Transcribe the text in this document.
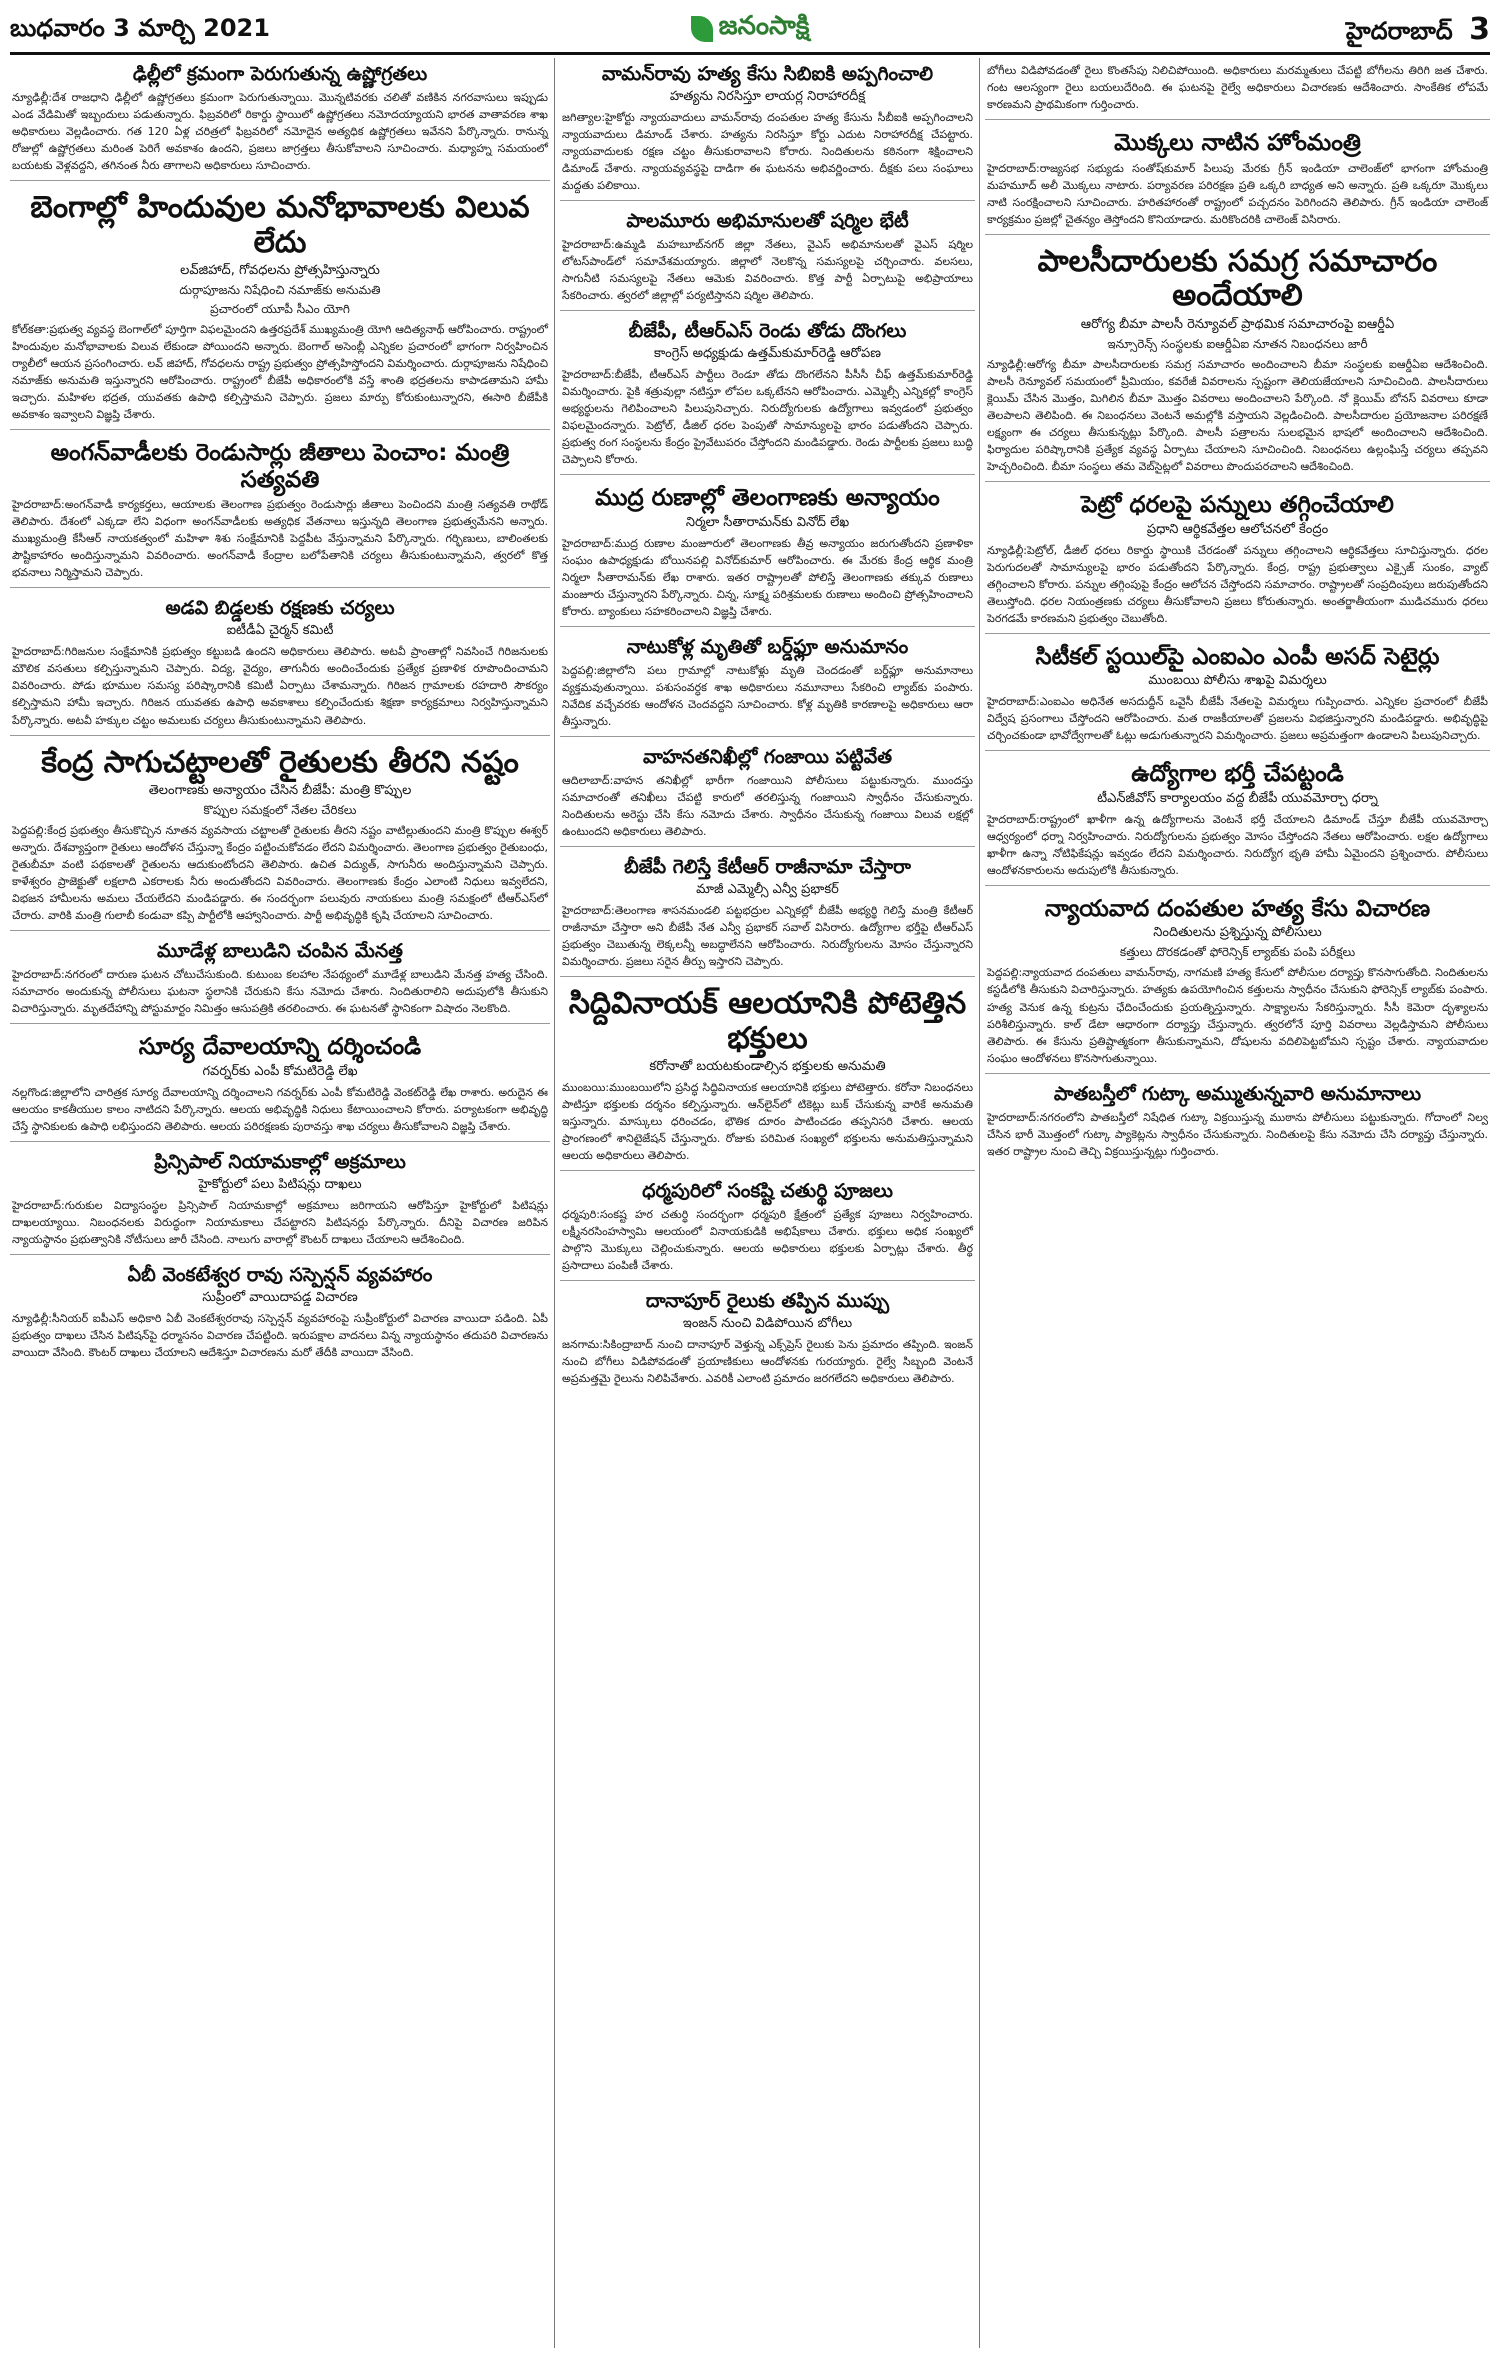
బుధవారం 3 మార్చి 2021	జనంసాక్షి	హైదరాబాద్ 3
ఢిల్లీలో క్రమంగా పెరుగుతున్న ఉష్ణోగ్రతలు
న్యూఢిల్లీ:దేశ రాజధాని ఢిల్లీలో ఉష్ణోగ్రతలు క్రమంగా పెరుగుతున్నాయి. మొన్నటివరకు చలితో వణికిన నగరవాసులు ఇప్పుడు ఎండ వేడిమితో ఇబ్బందులు పడుతున్నారు. ఫిబ్రవరిలో రికార్డు స్థాయిలో ఉష్ణోగ్రతలు నమోదయ్యాయని భారత వాతావరణ శాఖ అధికారులు వెల్లడించారు. గత 120 ఏళ్ల చరిత్రలో ఫిబ్రవరిలో నమోదైన అత్యధిక ఉష్ణోగ్రతలు ఇవేనని పేర్కొన్నారు. రానున్న రోజుల్లో ఉష్ణోగ్రతలు మరింత పెరిగే అవకాశం ఉందని, ప్రజలు జాగ్రత్తలు తీసుకోవాలని సూచించారు. మధ్యాహ్న సమయంలో బయటకు వెళ్లవద్దని, తగినంత నీరు తాగాలని అధికారులు సూచించారు.
బెంగాల్లో హిందువుల మనోభావాలకు విలువ లేదు
లవ్‌జిహాద్, గోవధలను ప్రోత్సహిస్తున్నారు
దుర్గాపూజను నిషేధించి నమాజ్‌కు అనుమతి
ప్రచారంలో యూపీ సీఎం యోగి
కోల్‌కతా:ప్రభుత్వ వ్యవస్థ బెంగాల్‌లో పూర్తిగా విఫలమైందని ఉత్తరప్రదేశ్ ముఖ్యమంత్రి యోగి ఆదిత్యనాథ్ ఆరోపించారు. రాష్ట్రంలో హిందువుల మనోభావాలకు విలువ లేకుండా పోయిందని అన్నారు. బెంగాల్ అసెంబ్లీ ఎన్నికల ప్రచారంలో భాగంగా నిర్వహించిన ర్యాలీలో ఆయన ప్రసంగించారు. లవ్ జిహాద్, గోవధలను రాష్ట్ర ప్రభుత్వం ప్రోత్సహిస్తోందని విమర్శించారు. దుర్గాపూజను నిషేధించి నమాజ్‌కు అనుమతి ఇస్తున్నారని ఆరోపించారు. రాష్ట్రంలో బీజేపీ అధికారంలోకి వస్తే శాంతి భద్రతలను కాపాడతామని హామీ ఇచ్చారు. మహిళల భద్రత, యువతకు ఉపాధి కల్పిస్తామని చెప్పారు. ప్రజలు మార్పు కోరుకుంటున్నారని, ఈసారి బీజేపీకి అవకాశం ఇవ్వాలని విజ్ఞప్తి చేశారు.
అంగన్‌వాడీలకు రెండుసార్లు జీతాలు పెంచాం: మంత్రి సత్యవతి
హైదరాబాద్:అంగన్‌వాడీ కార్యకర్తలు, ఆయాలకు తెలంగాణ ప్రభుత్వం రెండుసార్లు జీతాలు పెంచిందని మంత్రి సత్యవతి రాథోడ్ తెలిపారు. దేశంలో ఎక్కడా లేని విధంగా అంగన్‌వాడీలకు అత్యధిక వేతనాలు ఇస్తున్నది తెలంగాణ ప్రభుత్వమేనని అన్నారు. ముఖ్యమంత్రి కేసీఆర్ నాయకత్వంలో మహిళా శిశు సంక్షేమానికి పెద్దపీట వేస్తున్నామని పేర్కొన్నారు. గర్భిణులు, బాలింతలకు పౌష్టికాహారం అందిస్తున్నామని వివరించారు. అంగన్‌వాడీ కేంద్రాల బలోపేతానికి చర్యలు తీసుకుంటున్నామని, త్వరలో కొత్త భవనాలు నిర్మిస్తామని చెప్పారు.
అడవి బిడ్డలకు రక్షణకు చర్యలు
ఐటీడీఏ చైర్మన్ కమిటీ
హైదరాబాద్:గిరిజనుల సంక్షేమానికి ప్రభుత్వం కట్టుబడి ఉందని అధికారులు తెలిపారు. అటవీ ప్రాంతాల్లో నివసించే గిరిజనులకు మౌలిక వసతులు కల్పిస్తున్నామని చెప్పారు. విద్య, వైద్యం, తాగునీరు అందించేందుకు ప్రత్యేక ప్రణాళిక రూపొందించామని వివరించారు. పోడు భూముల సమస్య పరిష్కారానికి కమిటీ ఏర్పాటు చేశామన్నారు. గిరిజన గ్రామాలకు రహదారి సౌకర్యం కల్పిస్తామని హామీ ఇచ్చారు. గిరిజన యువతకు ఉపాధి అవకాశాలు కల్పించేందుకు శిక్షణా కార్యక్రమాలు నిర్వహిస్తున్నామని పేర్కొన్నారు. అటవీ హక్కుల చట్టం అమలుకు చర్యలు తీసుకుంటున్నామని తెలిపారు.
కేంద్ర సాగుచట్టాలతో రైతులకు తీరని నష్టం
తెలంగాణకు అన్యాయం చేసిన బీజేపీ: మంత్రి కొప్పుల
కొప్పుల సమక్షంలో నేతల చేరికలు
పెద్దపల్లి:కేంద్ర ప్రభుత్వం తీసుకొచ్చిన నూతన వ్యవసాయ చట్టాలతో రైతులకు తీరని నష్టం వాటిల్లుతుందని మంత్రి కొప్పుల ఈశ్వర్ అన్నారు. దేశవ్యాప్తంగా రైతులు ఆందోళన చేస్తున్నా కేంద్రం పట్టించుకోవడం లేదని విమర్శించారు. తెలంగాణ ప్రభుత్వం రైతుబంధు, రైతుబీమా వంటి పథకాలతో రైతులను ఆదుకుంటోందని తెలిపారు. ఉచిత విద్యుత్, సాగునీరు అందిస్తున్నామని చెప్పారు. కాళేశ్వరం ప్రాజెక్టుతో లక్షలాది ఎకరాలకు నీరు అందుతోందని వివరించారు. తెలంగాణకు కేంద్రం ఎలాంటి నిధులు ఇవ్వలేదని, విభజన హామీలను అమలు చేయలేదని మండిపడ్డారు. ఈ సందర్భంగా పలువురు నాయకులు మంత్రి సమక్షంలో టీఆర్ఎస్‌లో చేరారు. వారికి మంత్రి గులాబీ కండువా కప్పి పార్టీలోకి ఆహ్వానించారు. పార్టీ అభివృద్ధికి కృషి చేయాలని సూచించారు.
మూడేళ్ల బాలుడిని చంపిన మేనత్త
హైదరాబాద్:నగరంలో దారుణ ఘటన చోటుచేసుకుంది. కుటుంబ కలహాల నేపథ్యంలో మూడేళ్ల బాలుడిని మేనత్త హత్య చేసింది. సమాచారం అందుకున్న పోలీసులు ఘటనా స్థలానికి చేరుకుని కేసు నమోదు చేశారు. నిందితురాలిని అదుపులోకి తీసుకుని విచారిస్తున్నారు. మృతదేహాన్ని పోస్టుమార్టం నిమిత్తం ఆసుపత్రికి తరలించారు. ఈ ఘటనతో స్థానికంగా విషాదం నెలకొంది.
సూర్య దేవాలయాన్ని దర్శించండి
గవర్నర్‌కు ఎంపీ కోమటిరెడ్డి లేఖ
నల్లగొండ:జిల్లాలోని చారిత్రక సూర్య దేవాలయాన్ని దర్శించాలని గవర్నర్‌కు ఎంపీ కోమటిరెడ్డి వెంకట్‌రెడ్డి లేఖ రాశారు. అరుదైన ఈ ఆలయం కాకతీయుల కాలం నాటిదని పేర్కొన్నారు. ఆలయ అభివృద్ధికి నిధులు కేటాయించాలని కోరారు. పర్యాటకంగా అభివృద్ధి చేస్తే స్థానికులకు ఉపాధి లభిస్తుందని తెలిపారు. ఆలయ పరిరక్షణకు పురావస్తు శాఖ చర్యలు తీసుకోవాలని విజ్ఞప్తి చేశారు.
ప్రిన్సిపాల్ నియామకాల్లో అక్రమాలు
హైకోర్టులో పలు పిటిషన్లు దాఖలు
హైదరాబాద్:గురుకుల విద్యాసంస్థల ప్రిన్సిపాల్ నియామకాల్లో అక్రమాలు జరిగాయని ఆరోపిస్తూ హైకోర్టులో పిటిషన్లు దాఖలయ్యాయి. నిబంధనలకు విరుద్ధంగా నియామకాలు చేపట్టారని పిటిషనర్లు పేర్కొన్నారు. దీనిపై విచారణ జరిపిన న్యాయస్థానం ప్రభుత్వానికి నోటీసులు జారీ చేసింది. నాలుగు వారాల్లో కౌంటర్ దాఖలు చేయాలని ఆదేశించింది.
ఏబీ వెంకటేశ్వర రావు సస్పెన్షన్ వ్యవహారం
సుప్రీంలో వాయిదాపడ్డ విచారణ
న్యూఢిల్లీ:సీనియర్ ఐపీఎస్ అధికారి ఏబీ వెంకటేశ్వరరావు సస్పెన్షన్ వ్యవహారంపై సుప్రీంకోర్టులో విచారణ వాయిదా పడింది. ఏపీ ప్రభుత్వం దాఖలు చేసిన పిటిషన్‌పై ధర్మాసనం విచారణ చేపట్టింది. ఇరుపక్షాల వాదనలు విన్న న్యాయస్థానం తదుపరి విచారణను వాయిదా వేసింది. కౌంటర్ దాఖలు చేయాలని ఆదేశిస్తూ విచారణను మరో తేదీకి వాయిదా వేసింది.
వామన్‌రావు హత్య కేసు సిబిఐకి అప్పగించాలి
హత్యను నిరసిస్తూ లాయర్ల నిరాహారదీక్ష
జగిత్యాల:హైకోర్టు న్యాయవాదులు వామన్‌రావు దంపతుల హత్య కేసును సీబీఐకి అప్పగించాలని న్యాయవాదులు డిమాండ్ చేశారు. హత్యను నిరసిస్తూ కోర్టు ఎదుట నిరాహారదీక్ష చేపట్టారు. న్యాయవాదులకు రక్షణ చట్టం తీసుకురావాలని కోరారు. నిందితులను కఠినంగా శిక్షించాలని డిమాండ్ చేశారు. న్యాయవ్యవస్థపై దాడిగా ఈ ఘటనను అభివర్ణించారు. దీక్షకు పలు సంఘాలు మద్దతు పలికాయి.
పాలమూరు అభిమానులతో షర్మిల భేటీ
హైదరాబాద్:ఉమ్మడి మహబూబ్‌నగర్ జిల్లా నేతలు, వైఎస్ అభిమానులతో వైఎస్ షర్మిల లోటస్‌పాండ్‌లో సమావేశమయ్యారు. జిల్లాలో నెలకొన్న సమస్యలపై చర్చించారు. వలసలు, సాగునీటి సమస్యలపై నేతలు ఆమెకు వివరించారు. కొత్త పార్టీ ఏర్పాటుపై అభిప్రాయాలు సేకరించారు. త్వరలో జిల్లాల్లో పర్యటిస్తానని షర్మిల తెలిపారు.
బీజేపీ, టీఆర్ఎస్ రెండు తోడు దొంగలు
కాంగ్రెస్ అధ్యక్షుడు ఉత్తమ్‌కుమార్‌రెడ్డి ఆరోపణ
హైదరాబాద్:బీజేపీ, టీఆర్ఎస్ పార్టీలు రెండూ తోడు దొంగలేనని పీసీసీ చీఫ్ ఉత్తమ్‌కుమార్‌రెడ్డి విమర్శించారు. పైకి శత్రువుల్లా నటిస్తూ లోపల ఒక్కటేనని ఆరోపించారు. ఎమ్మెల్సీ ఎన్నికల్లో కాంగ్రెస్ అభ్యర్థులను గెలిపించాలని పిలుపునిచ్చారు. నిరుద్యోగులకు ఉద్యోగాలు ఇవ్వడంలో ప్రభుత్వం విఫలమైందన్నారు. పెట్రోల్, డీజిల్ ధరల పెంపుతో సామాన్యులపై భారం పడుతోందని చెప్పారు. ప్రభుత్వ రంగ సంస్థలను కేంద్రం ప్రైవేటుపరం చేస్తోందని మండిపడ్డారు. రెండు పార్టీలకు ప్రజలు బుద్ధి చెప్పాలని కోరారు.
ముద్ర రుణాల్లో తెలంగాణకు అన్యాయం
నిర్మలా సీతారామన్‌కు వినోద్ లేఖ
హైదరాబాద్:ముద్ర రుణాల మంజూరులో తెలంగాణకు తీవ్ర అన్యాయం జరుగుతోందని ప్రణాళికా సంఘం ఉపాధ్యక్షుడు బోయినపల్లి వినోద్‌కుమార్ ఆరోపించారు. ఈ మేరకు కేంద్ర ఆర్థిక మంత్రి నిర్మలా సీతారామన్‌కు లేఖ రాశారు. ఇతర రాష్ట్రాలతో పోలిస్తే తెలంగాణకు తక్కువ రుణాలు మంజూరు చేస్తున్నారని పేర్కొన్నారు. చిన్న, సూక్ష్మ పరిశ్రమలకు రుణాలు అందించి ప్రోత్సహించాలని కోరారు. బ్యాంకులు సహకరించాలని విజ్ఞప్తి చేశారు.
నాటుకోళ్ల మృతితో బర్డ్‌ఫ్లూ అనుమానం
పెద్దపల్లి:జిల్లాలోని పలు గ్రామాల్లో నాటుకోళ్లు మృతి చెందడంతో బర్డ్‌ఫ్లూ అనుమానాలు వ్యక్తమవుతున్నాయి. పశుసంవర్ధక శాఖ అధికారులు నమూనాలు సేకరించి ల్యాబ్‌కు పంపారు. నివేదిక వచ్చేవరకు ఆందోళన చెందవద్దని సూచించారు. కోళ్ల మృతికి కారణాలపై అధికారులు ఆరా తీస్తున్నారు.
వాహనతనిఖీల్లో గంజాయి పట్టివేత
ఆదిలాబాద్:వాహన తనిఖీల్లో భారీగా గంజాయిని పోలీసులు పట్టుకున్నారు. ముందస్తు సమాచారంతో తనిఖీలు చేపట్టి కారులో తరలిస్తున్న గంజాయిని స్వాధీనం చేసుకున్నారు. నిందితులను అరెస్టు చేసి కేసు నమోదు చేశారు. స్వాధీనం చేసుకున్న గంజాయి విలువ లక్షల్లో ఉంటుందని అధికారులు తెలిపారు.
బీజేపీ గెలిస్తే కేటీఆర్ రాజీనామా చేస్తారా
మాజీ ఎమ్మెల్సీ ఎన్వీ ప్రభాకర్
హైదరాబాద్:తెలంగాణ శాసనమండలి పట్టభద్రుల ఎన్నికల్లో బీజేపీ అభ్యర్థి గెలిస్తే మంత్రి కేటీఆర్ రాజీనామా చేస్తారా అని బీజేపీ నేత ఎన్వీ ప్రభాకర్ సవాల్ విసిరారు. ఉద్యోగాల భర్తీపై టీఆర్ఎస్ ప్రభుత్వం చెబుతున్న లెక్కలన్నీ అబద్ధాలేనని ఆరోపించారు. నిరుద్యోగులను మోసం చేస్తున్నారని విమర్శించారు. ప్రజలు సరైన తీర్పు ఇస్తారని చెప్పారు.
సిద్దివినాయక్ ఆలయానికి పోటెత్తిన భక్తులు
కరోనాతో బయటకుండాల్సిన భక్తులకు అనుమతి
ముంబయి:ముంబయిలోని ప్రసిద్ధ సిద్ధివినాయక ఆలయానికి భక్తులు పోటెత్తారు. కరోనా నిబంధనలు పాటిస్తూ భక్తులకు దర్శనం కల్పిస్తున్నారు. ఆన్‌లైన్‌లో టికెట్లు బుక్ చేసుకున్న వారికే అనుమతి ఇస్తున్నారు. మాస్కులు ధరించడం, భౌతిక దూరం పాటించడం తప్పనిసరి చేశారు. ఆలయ ప్రాంగణంలో శానిటైజేషన్ చేస్తున్నారు. రోజుకు పరిమిత సంఖ్యలో భక్తులను అనుమతిస్తున్నామని ఆలయ అధికారులు తెలిపారు.
ధర్మపురిలో సంకష్టి చతుర్థి పూజలు
ధర్మపురి:సంకష్ట హర చతుర్థి సందర్భంగా ధర్మపురి క్షేత్రంలో ప్రత్యేక పూజలు నిర్వహించారు. లక్ష్మీనరసింహస్వామి ఆలయంలో వినాయకుడికి అభిషేకాలు చేశారు. భక్తులు అధిక సంఖ్యలో పాల్గొని మొక్కులు చెల్లించుకున్నారు. ఆలయ అధికారులు భక్తులకు ఏర్పాట్లు చేశారు. తీర్థ ప్రసాదాలు పంపిణీ చేశారు.
దానాపూర్ రైలుకు తప్పిన ముప్పు
ఇంజన్ నుంచి విడిపోయిన బోగీలు
జనగామ:సికింద్రాబాద్ నుంచి దానాపూర్ వెళ్తున్న ఎక్స్‌ప్రెస్ రైలుకు పెను ప్రమాదం తప్పింది. ఇంజన్ నుంచి బోగీలు విడిపోవడంతో ప్రయాణికులు ఆందోళనకు గురయ్యారు. రైల్వే సిబ్బంది వెంటనే అప్రమత్తమై రైలును నిలిపివేశారు. ఎవరికీ ఎలాంటి ప్రమాదం జరగలేదని అధికారులు తెలిపారు.
బోగీలు విడిపోవడంతో రైలు కొంతసేపు నిలిచిపోయింది. అధికారులు మరమ్మతులు చేపట్టి బోగీలను తిరిగి జత చేశారు. గంట ఆలస్యంగా రైలు బయలుదేరింది. ఈ ఘటనపై రైల్వే అధికారులు విచారణకు ఆదేశించారు. సాంకేతిక లోపమే కారణమని ప్రాథమికంగా గుర్తించారు.
మొక్కలు నాటిన హోంమంత్రి
హైదరాబాద్:రాజ్యసభ సభ్యుడు సంతోష్‌కుమార్ పిలుపు మేరకు గ్రీన్ ఇండియా చాలెంజ్‌లో భాగంగా హోంమంత్రి మహమూద్ అలీ మొక్కలు నాటారు. పర్యావరణ పరిరక్షణ ప్రతి ఒక్కరి బాధ్యత అని అన్నారు. ప్రతి ఒక్కరూ మొక్కలు నాటి సంరక్షించాలని సూచించారు. హరితహారంతో రాష్ట్రంలో పచ్చదనం పెరిగిందని తెలిపారు. గ్రీన్ ఇండియా చాలెంజ్ కార్యక్రమం ప్రజల్లో చైతన్యం తెస్తోందని కొనియాడారు. మరికొందరికి చాలెంజ్ విసిరారు.
పాలసీదారులకు సమగ్ర సమాచారం అందేయాలి
ఆరోగ్య బీమా పాలసీ రెన్యూవల్ ప్రాథమిక సమాచారంపై ఐఆర్డీఏ
ఇన్సూరెన్స్ సంస్థలకు ఐఆర్డీఏఐ నూతన నిబంధనలు జారీ
న్యూఢిల్లీ:ఆరోగ్య బీమా పాలసీదారులకు సమగ్ర సమాచారం అందించాలని బీమా సంస్థలకు ఐఆర్డీఏఐ ఆదేశించింది. పాలసీ రెన్యూవల్ సమయంలో ప్రీమియం, కవరేజీ వివరాలను స్పష్టంగా తెలియజేయాలని సూచించింది. పాలసీదారులు క్లెయిమ్ చేసిన మొత్తం, మిగిలిన బీమా మొత్తం వివరాలు అందించాలని పేర్కొంది. నో క్లెయిమ్ బోనస్ వివరాలు కూడా తెలపాలని తెలిపింది. ఈ నిబంధనలు వెంటనే అమల్లోకి వస్తాయని వెల్లడించింది. పాలసీదారుల ప్రయోజనాల పరిరక్షణే లక్ష్యంగా ఈ చర్యలు తీసుకున్నట్లు పేర్కొంది. పాలసీ పత్రాలను సులభమైన భాషలో అందించాలని ఆదేశించింది. ఫిర్యాదుల పరిష్కారానికి ప్రత్యేక వ్యవస్థ ఏర్పాటు చేయాలని సూచించింది. నిబంధనలు ఉల్లంఘిస్తే చర్యలు తప్పవని హెచ్చరించింది. బీమా సంస్థలు తమ వెబ్‌సైట్లలో వివరాలు పొందుపరచాలని ఆదేశించింది.
పెట్రో ధరలపై పన్నులు తగ్గించేయాలి
ప్రధాని ఆర్థికవేత్తల ఆలోచనలో కేంద్రం
న్యూఢిల్లీ:పెట్రోల్, డీజిల్ ధరలు రికార్డు స్థాయికి చేరడంతో పన్నులు తగ్గించాలని ఆర్థికవేత్తలు సూచిస్తున్నారు. ధరల పెరుగుదలతో సామాన్యులపై భారం పడుతోందని పేర్కొన్నారు. కేంద్ర, రాష్ట్ర ప్రభుత్వాలు ఎక్సైజ్ సుంకం, వ్యాట్ తగ్గించాలని కోరారు. పన్నుల తగ్గింపుపై కేంద్రం ఆలోచన చేస్తోందని సమాచారం. రాష్ట్రాలతో సంప్రదింపులు జరుపుతోందని తెలుస్తోంది. ధరల నియంత్రణకు చర్యలు తీసుకోవాలని ప్రజలు కోరుతున్నారు. అంతర్జాతీయంగా ముడిచమురు ధరలు పెరగడమే కారణమని ప్రభుత్వం చెబుతోంది.
సిటీకల్ స్టయిల్‌పై ఎంఐఎం ఎంపీ అసద్ సెటైర్లు
ముంబయి పోలీసు శాఖపై విమర్శలు
హైదరాబాద్:ఎంఐఎం అధినేత అసదుద్దీన్ ఒవైసీ బీజేపీ నేతలపై విమర్శలు గుప్పించారు. ఎన్నికల ప్రచారంలో బీజేపీ విద్వేష ప్రసంగాలు చేస్తోందని ఆరోపించారు. మత రాజకీయాలతో ప్రజలను విభజిస్తున్నారని మండిపడ్డారు. అభివృద్ధిపై చర్చించకుండా భావోద్వేగాలతో ఓట్లు అడుగుతున్నారని విమర్శించారు. ప్రజలు అప్రమత్తంగా ఉండాలని పిలుపునిచ్చారు.
ఉద్యోగాల భర్తీ చేపట్టండి
టీఎన్‌జీవోస్ కార్యాలయం వద్ద బీజేపీ యువమోర్చా ధర్నా
హైదరాబాద్:రాష్ట్రంలో ఖాళీగా ఉన్న ఉద్యోగాలను వెంటనే భర్తీ చేయాలని డిమాండ్ చేస్తూ బీజేపీ యువమోర్చా ఆధ్వర్యంలో ధర్నా నిర్వహించారు. నిరుద్యోగులను ప్రభుత్వం మోసం చేస్తోందని నేతలు ఆరోపించారు. లక్షల ఉద్యోగాలు ఖాళీగా ఉన్నా నోటిఫికేషన్లు ఇవ్వడం లేదని విమర్శించారు. నిరుద్యోగ భృతి హామీ ఏమైందని ప్రశ్నించారు. పోలీసులు ఆందోళనకారులను అదుపులోకి తీసుకున్నారు.
న్యాయవాద దంపతుల హత్య కేసు విచారణ
నిందితులను ప్రశ్నిస్తున్న పోలీసులు
కత్తులు దొరకడంతో ఫోరెన్సిక్ ల్యాబ్‌కు పంపి పరీక్షలు
పెద్దపల్లి:న్యాయవాద దంపతులు వామన్‌రావు, నాగమణి హత్య కేసులో పోలీసుల దర్యాప్తు కొనసాగుతోంది. నిందితులను కస్టడీలోకి తీసుకుని విచారిస్తున్నారు. హత్యకు ఉపయోగించిన కత్తులను స్వాధీనం చేసుకుని ఫోరెన్సిక్ ల్యాబ్‌కు పంపారు. హత్య వెనుక ఉన్న కుట్రను ఛేదించేందుకు ప్రయత్నిస్తున్నారు. సాక్ష్యాలను సేకరిస్తున్నారు. సీసీ కెమెరా దృశ్యాలను పరిశీలిస్తున్నారు. కాల్ డేటా ఆధారంగా దర్యాప్తు చేస్తున్నారు. త్వరలోనే పూర్తి వివరాలు వెల్లడిస్తామని పోలీసులు తెలిపారు. ఈ కేసును ప్రతిష్టాత్మకంగా తీసుకున్నామని, దోషులను వదిలిపెట్టబోమని స్పష్టం చేశారు. న్యాయవాదుల సంఘం ఆందోళనలు కొనసాగుతున్నాయి.
పాతబస్తీలో గుట్కా అమ్ముతున్నవారి అనుమానాలు
హైదరాబాద్:నగరంలోని పాతబస్తీలో నిషేధిత గుట్కా విక్రయిస్తున్న ముఠాను పోలీసులు పట్టుకున్నారు. గోదాంలో నిల్వ చేసిన భారీ మొత్తంలో గుట్కా ప్యాకెట్లను స్వాధీనం చేసుకున్నారు. నిందితులపై కేసు నమోదు చేసి దర్యాప్తు చేస్తున్నారు. ఇతర రాష్ట్రాల నుంచి తెచ్చి విక్రయిస్తున్నట్లు గుర్తించారు.
